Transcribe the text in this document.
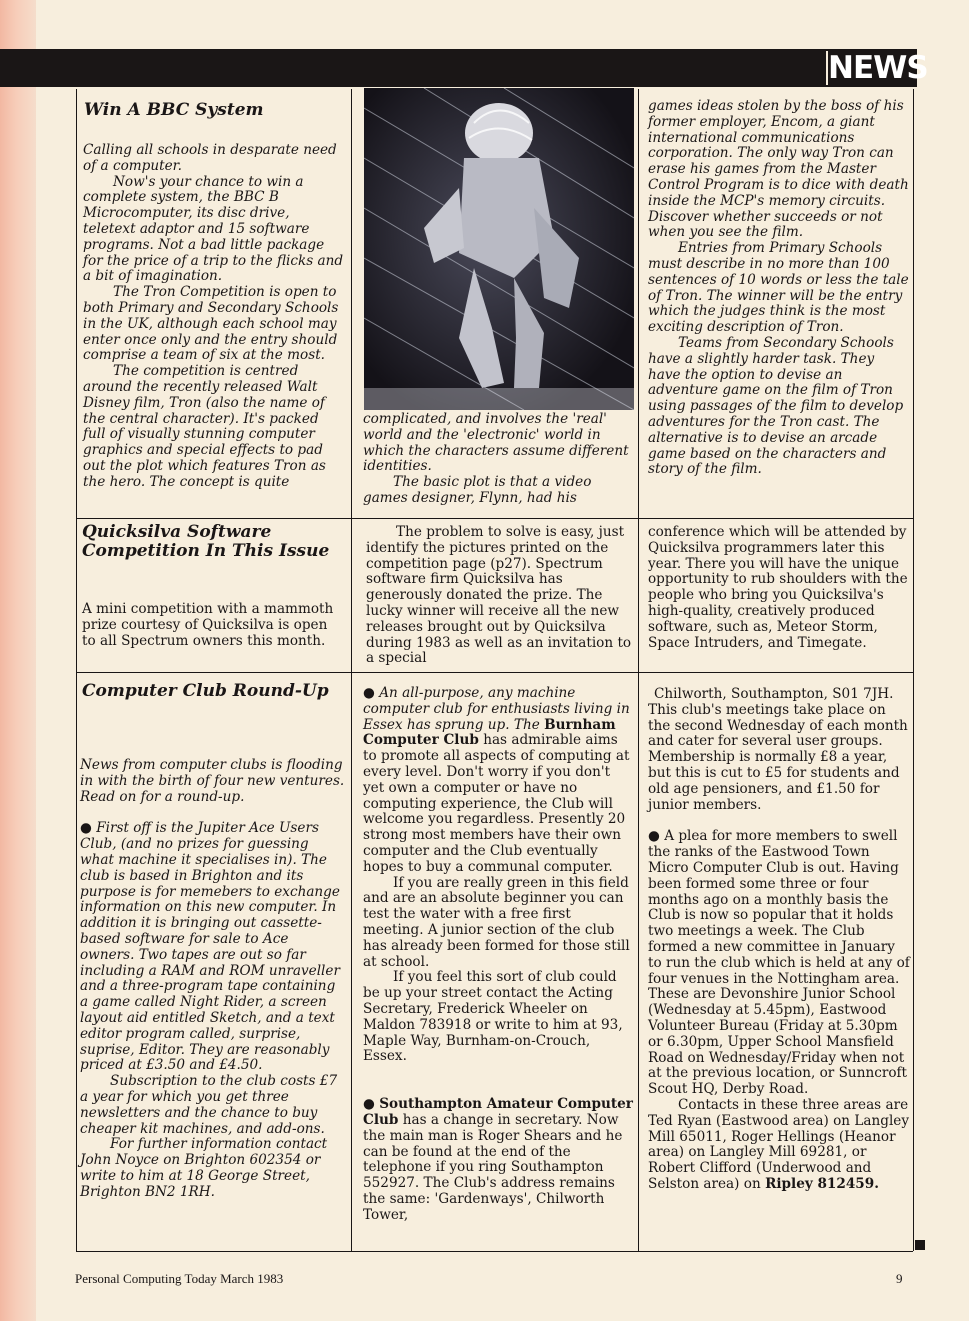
NEWS
Win A BBC System

Calling all schools in desparate need of a computer.

Now's your chance to win a complete system, the BBC B Microcomputer, its disc drive, teletext adaptor and 15 software programs. Not a bad little package for the price of a trip to the flicks and a bit of imagination.

The Tron Competition is open to both Primary and Secondary Schools in the UK, although each school may enter once only and the entry should comprise a team of six at the most.

The competition is centred around the recently released Walt Disney film, Tron (also the name of the central character). It's packed full of visually stunning computer graphics and special effects to pad out the plot which features Tron as the hero. The concept is quite

complicated, and involves the 'real' world and the 'electronic' world in which the characters assume different identities.

The basic plot is that a video games designer, Flynn, had his

games ideas stolen by the boss of his former employer, Encom, a giant international communications corporation. The only way Tron can erase his games from the Master Control Program is to dice with death inside the MCP's memory circuits. Discover whether succeeds or not when you see the film.

Entries from Primary Schools must describe in no more than 100 sentences of 10 words or less the tale of Tron. The winner will be the entry which the judges think is the most exciting description of Tron.

Teams from Secondary Schools have a slightly harder task. They have the option to devise an adventure game on the film of Tron using passages of the film to develop adventures for the Tron cast. The alternative is to devise an arcade game based on the characters and story of the film.

Quicksilva Software
Competition In This Issue
A mini competition with a mammoth prize courtesy of Quicksilva is open to all Spectrum owners this month.

The problem to solve is easy, just identify the pictures printed on the competition page (p27). Spectrum software firm Quicksilva has generously donated the prize. The lucky winner will receive all the new releases brought out by Quicksilva during 1983 as well as an invitation to a special

conference which will be attended by Quicksilva programmers later this year. There you will have the unique opportunity to rub shoulders with the people who bring you Quicksilva's high-quality, creatively produced software, such as, Meteor Storm, Space Intruders, and Timegate.
Computer Club Round-Up

News from computer clubs is flooding in with the birth of four new ventures. Read on for a round-up.

● First off is the Jupiter Ace Users Club, (and no prizes for guessing what machine it specialises in). The club is based in Brighton and its purpose is for memebers to exchange information on this new computer. In addition it is bringing out cassette-based software for sale to Ace owners. Two tapes are out so far including a RAM and ROM unraveller and a three-program tape containing a game called Night Rider, a screen layout aid entitled Sketch, and a text editor program called, surprise, suprise, Editor. They are reasonably priced at £3.50 and £4.50.

Subscription to the club costs £7 a year for which you get three newsletters and the chance to buy cheaper kit machines, and add-ons.

For further information contact John Noyce on Brighton 602354 or write to him at 18 George Street, Brighton BN2 1RH.

● An all-purpose, any machine computer club for enthusiasts living in Essex has sprung up. The Burnham Computer Club has admirable aims to promote all aspects of computing at every level. Don't worry if you don't yet own a computer or have no computing experience, the Club will welcome you regardless. Presently 20 strong most members have their own computer and the Club eventually hopes to buy a communal computer.

If you are really green in this field and are an absolute beginner you can test the water with a free first meeting. A junior section of the club has already been formed for those still at school.

If you feel this sort of club could be up your street contact the Acting Secretary, Frederick Wheeler on Maldon 783918 or write to him at 93, Maple Way, Burnham-on-Crouch, Essex.

● Southampton Amateur Computer Club has a change in secretary. Now the main man is Roger Shears and he can be found at the end of the telephone if you ring Southampton 552927. The Club's address remains the same: 'Gardenways', Chilworth Tower,

Chilworth, Southampton, S01 7JH. This club's meetings take place on the second Wednesday of each month and cater for several user groups. Membership is normally £8 a year, but this is cut to £5 for students and old age pensioners, and £1.50 for junior members.

● A plea for more members to swell the ranks of the Eastwood Town Micro Computer Club is out. Having been formed some three or four months ago on a monthly basis the Club is now so popular that it holds two meetings a week. The Club formed a new committee in January to run the club which is held at any of four venues in the Nottingham area. These are Devonshire Junior School (Wednesday at 5.45pm), Eastwood Volunteer Bureau (Friday at 5.30pm or 6.30pm, Upper School Mansfield Road on Wednesday/Friday when not at the previous location, or Sunncroft Scout HQ, Derby Road.

Contacts in these three areas are Ted Ryan (Eastwood area) on Langley Mill 65011, Roger Hellings (Heanor area) on Langley Mill 69281, or Robert Clifford (Underwood and Selston area) on Ripley 812459.

Personal Computing Today March 1983	9
